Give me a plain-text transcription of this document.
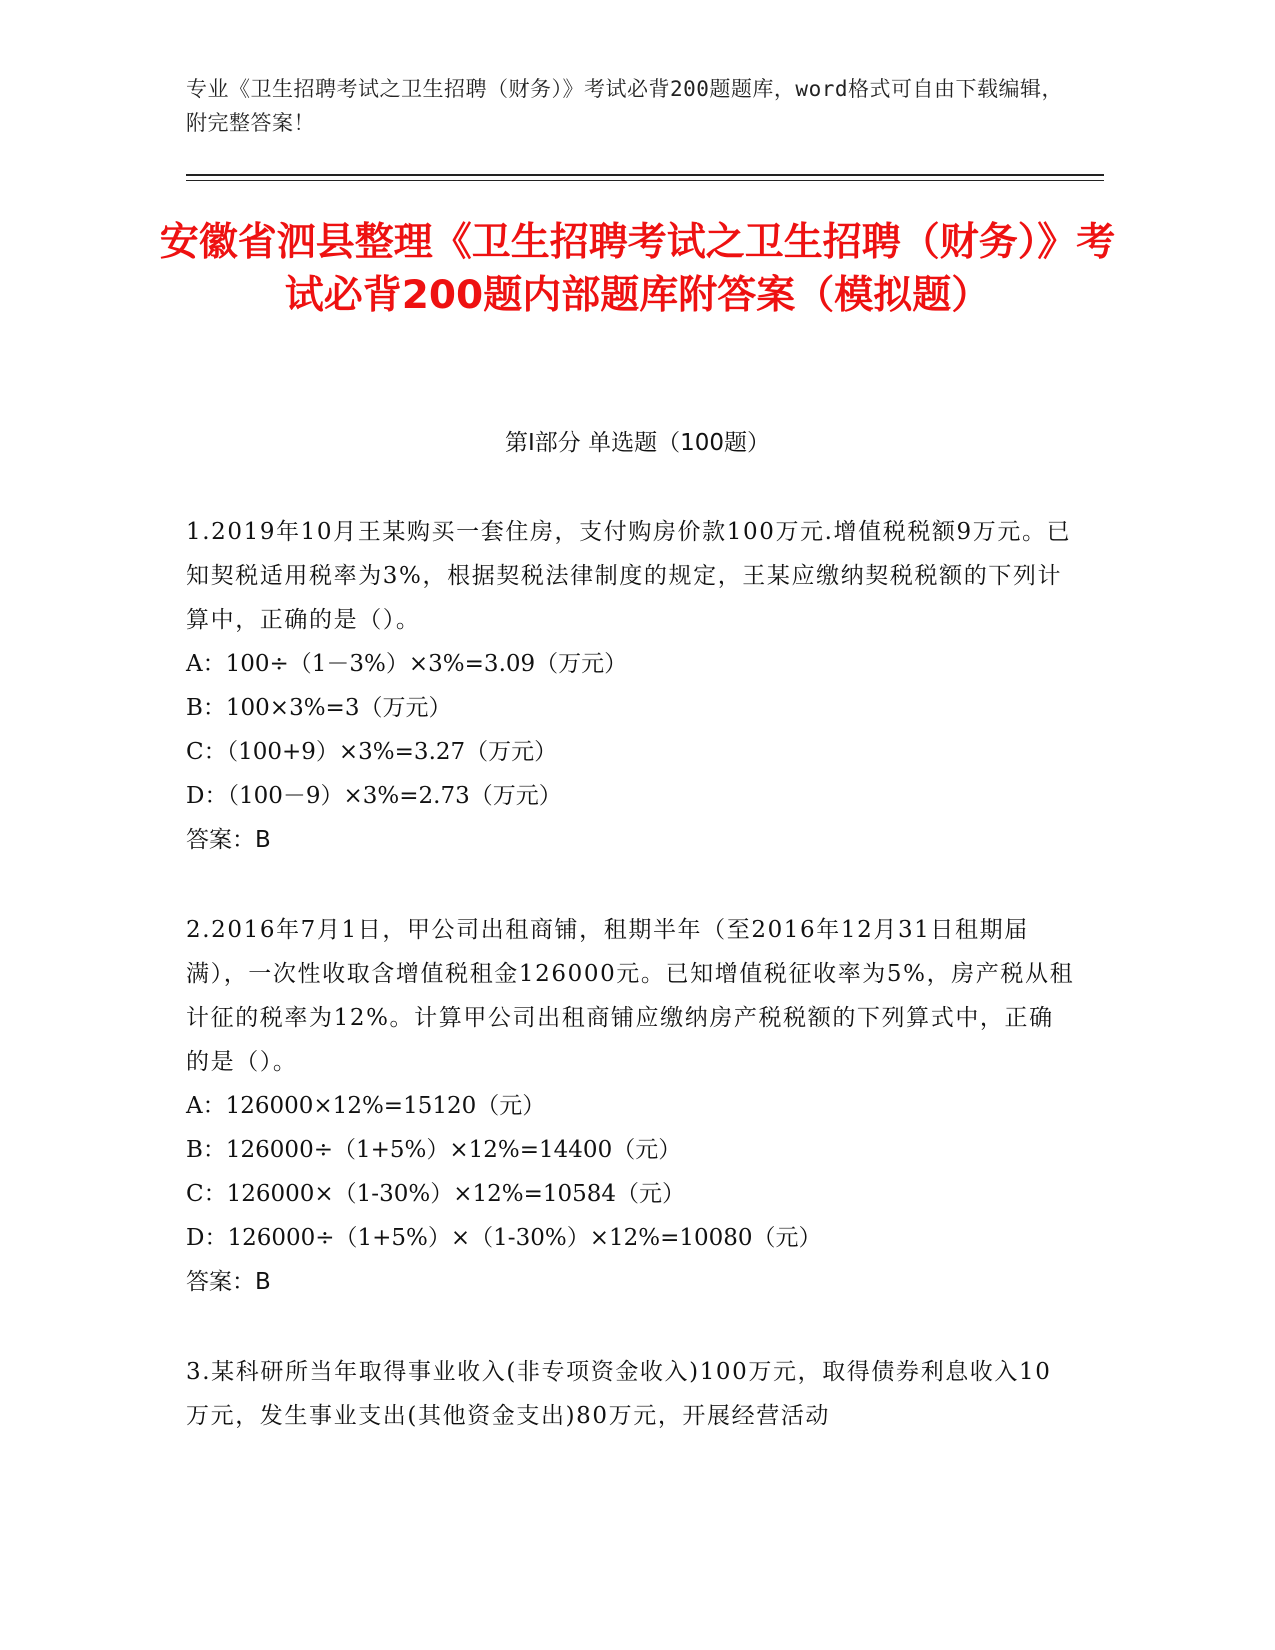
专业《卫生招聘考试之卫生招聘（财务）》考试必背200题题库，word格式可自由下载编辑，附完整答案！
安徽省泗县整理《卫生招聘考试之卫生招聘（财务）》考试必背200题内部题库附答案（模拟题）
第I部分 单选题（100题）
1.2019年10月王某购买一套住房，支付购房价款100万元.增值税税额9万元。已知契税适用税率为3%，根据契税法律制度的规定，王某应缴纳契税税额的下列计算中，正确的是（）。
A：100÷（1－3%）×3%=3.09（万元）
B：100×3%=3（万元）
C：（100+9）×3%=3.27（万元）
D：（100－9）×3%=2.73（万元）
答案：B
2.2016年7月1日，甲公司出租商铺，租期半年（至2016年12月31日租期届满），一次性收取含增值税租金126000元。已知增值税征收率为5%，房产税从租计征的税率为12%。计算甲公司出租商铺应缴纳房产税税额的下列算式中，正确的是（）。
A：126000×12%=15120（元）
B：126000÷（1+5%）×12%=14400（元）
C：126000×（1-30%）×12%=10584（元）
D：126000÷（1+5%）×（1-30%）×12%=10080（元）
答案：B
3.某科研所当年取得事业收入(非专项资金收入)100万元，取得债券利息收入10万元，发生事业支出(其他资金支出)80万元，开展经营活动
